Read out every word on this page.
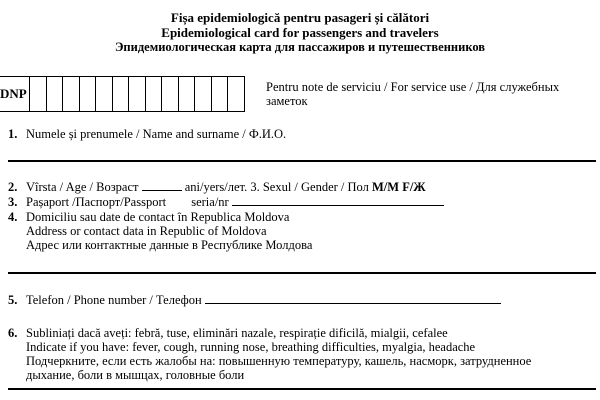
Fișa epidemiologică pentru pasageri și călători
Epidemiological card for passengers and travelers
Эпидемиологическая карта для пассажиров и путешественников
DNP	Pentru note de serviciu / For service use / Для служебных заметок
1. Numele și prenumele / Name and surname / Ф.И.О.
2. Vîrsta / Age / Возраст	ani/yers/лет. 3. Sexul / Gender / Пол M/М F/Ж
3. Pașaport /Паспорт/Passport seria/nr
4. Domiciliu sau date de contact în Republica Moldova
Address or contact data in Republic of Moldova
Адрес или контактные данные в Республике Молдова
5. Telefon / Phone number / Телефон
6. Subliniați dacă aveți: febră, tuse, eliminări nazale, respirație dificilă, mialgii, cefalee
Indicate if you have: fever, cough, running nose, breathing difficulties, myalgia, headache
Подчеркните, если есть жалобы на: повышенную температуру, кашель, насморк, затрудненное
дыхание, боли в мышцах, головные боли
